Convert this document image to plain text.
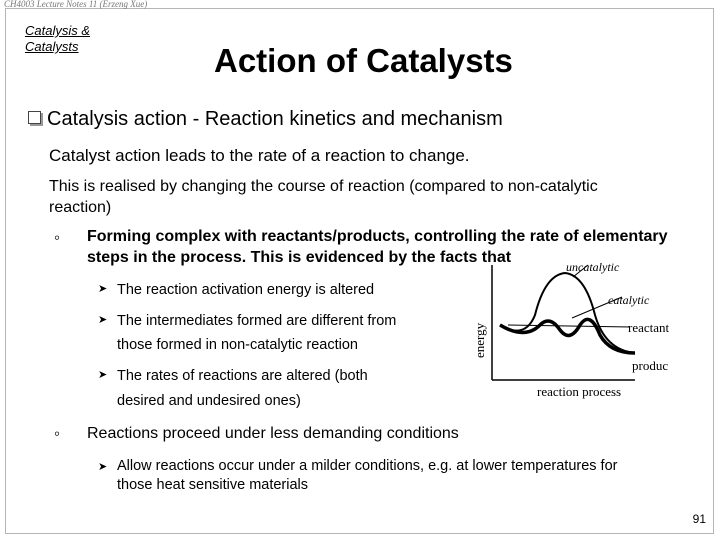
CH4003 Lecture Notes 11 (Erzeng Xue)
Catalysis & Catalysts	Action of Catalysts
Catalysis action - Reaction kinetics and mechanism
Catalyst action leads to the rate of a reaction to change.
This is realised by changing the course of reaction (compared to non-catalytic
reaction)
◦ Forming complex with reactants/products, controlling the rate of elementary
steps in the process. This is evidenced by the facts that
➤ The reaction activation energy is altered
➤ The intermediates formed are different from
those formed in non-catalytic reaction
➤ The rates of reactions are altered (both
desired and undesired ones)
◦ Reactions proceed under less demanding conditions
➤ Allow reactions occur under a milder conditions, e.g. at lower temperatures for
those heat sensitive materials
uncatalytic
catalytic
reactant
produc
reaction process
energy
91
